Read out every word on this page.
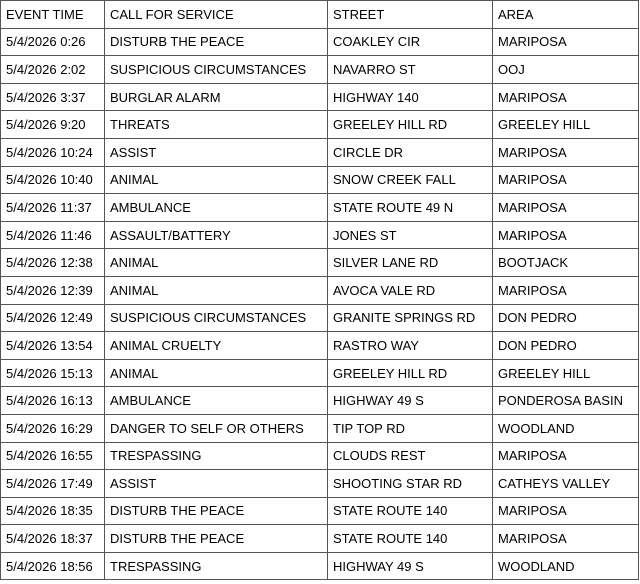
EVENT TIME	CALL FOR SERVICE	STREET	AREA
5/4/2026 0:26	DISTURB THE PEACE	COAKLEY CIR	MARIPOSA
5/4/2026 2:02	SUSPICIOUS CIRCUMSTANCES	NAVARRO ST	OOJ
5/4/2026 3:37	BURGLAR ALARM	HIGHWAY 140	MARIPOSA
5/4/2026 9:20	THREATS	GREELEY HILL RD	GREELEY HILL
5/4/2026 10:24	ASSIST	CIRCLE DR	MARIPOSA
5/4/2026 10:40	ANIMAL	SNOW CREEK FALL	MARIPOSA
5/4/2026 11:37	AMBULANCE	STATE ROUTE 49 N	MARIPOSA
5/4/2026 11:46	ASSAULT/BATTERY	JONES ST	MARIPOSA
5/4/2026 12:38	ANIMAL	SILVER LANE RD	BOOTJACK
5/4/2026 12:39	ANIMAL	AVOCA VALE RD	MARIPOSA
5/4/2026 12:49	SUSPICIOUS CIRCUMSTANCES	GRANITE SPRINGS RD	DON PEDRO
5/4/2026 13:54	ANIMAL CRUELTY	RASTRO WAY	DON PEDRO
5/4/2026 15:13	ANIMAL	GREELEY HILL RD	GREELEY HILL
5/4/2026 16:13	AMBULANCE	HIGHWAY 49 S	PONDEROSA BASIN
5/4/2026 16:29	DANGER TO SELF OR OTHERS	TIP TOP RD	WOODLAND
5/4/2026 16:55	TRESPASSING	CLOUDS REST	MARIPOSA
5/4/2026 17:49	ASSIST	SHOOTING STAR RD	CATHEYS VALLEY
5/4/2026 18:35	DISTURB THE PEACE	STATE ROUTE 140	MARIPOSA
5/4/2026 18:37	DISTURB THE PEACE	STATE ROUTE 140	MARIPOSA
5/4/2026 18:56	TRESPASSING	HIGHWAY 49 S	WOODLAND
